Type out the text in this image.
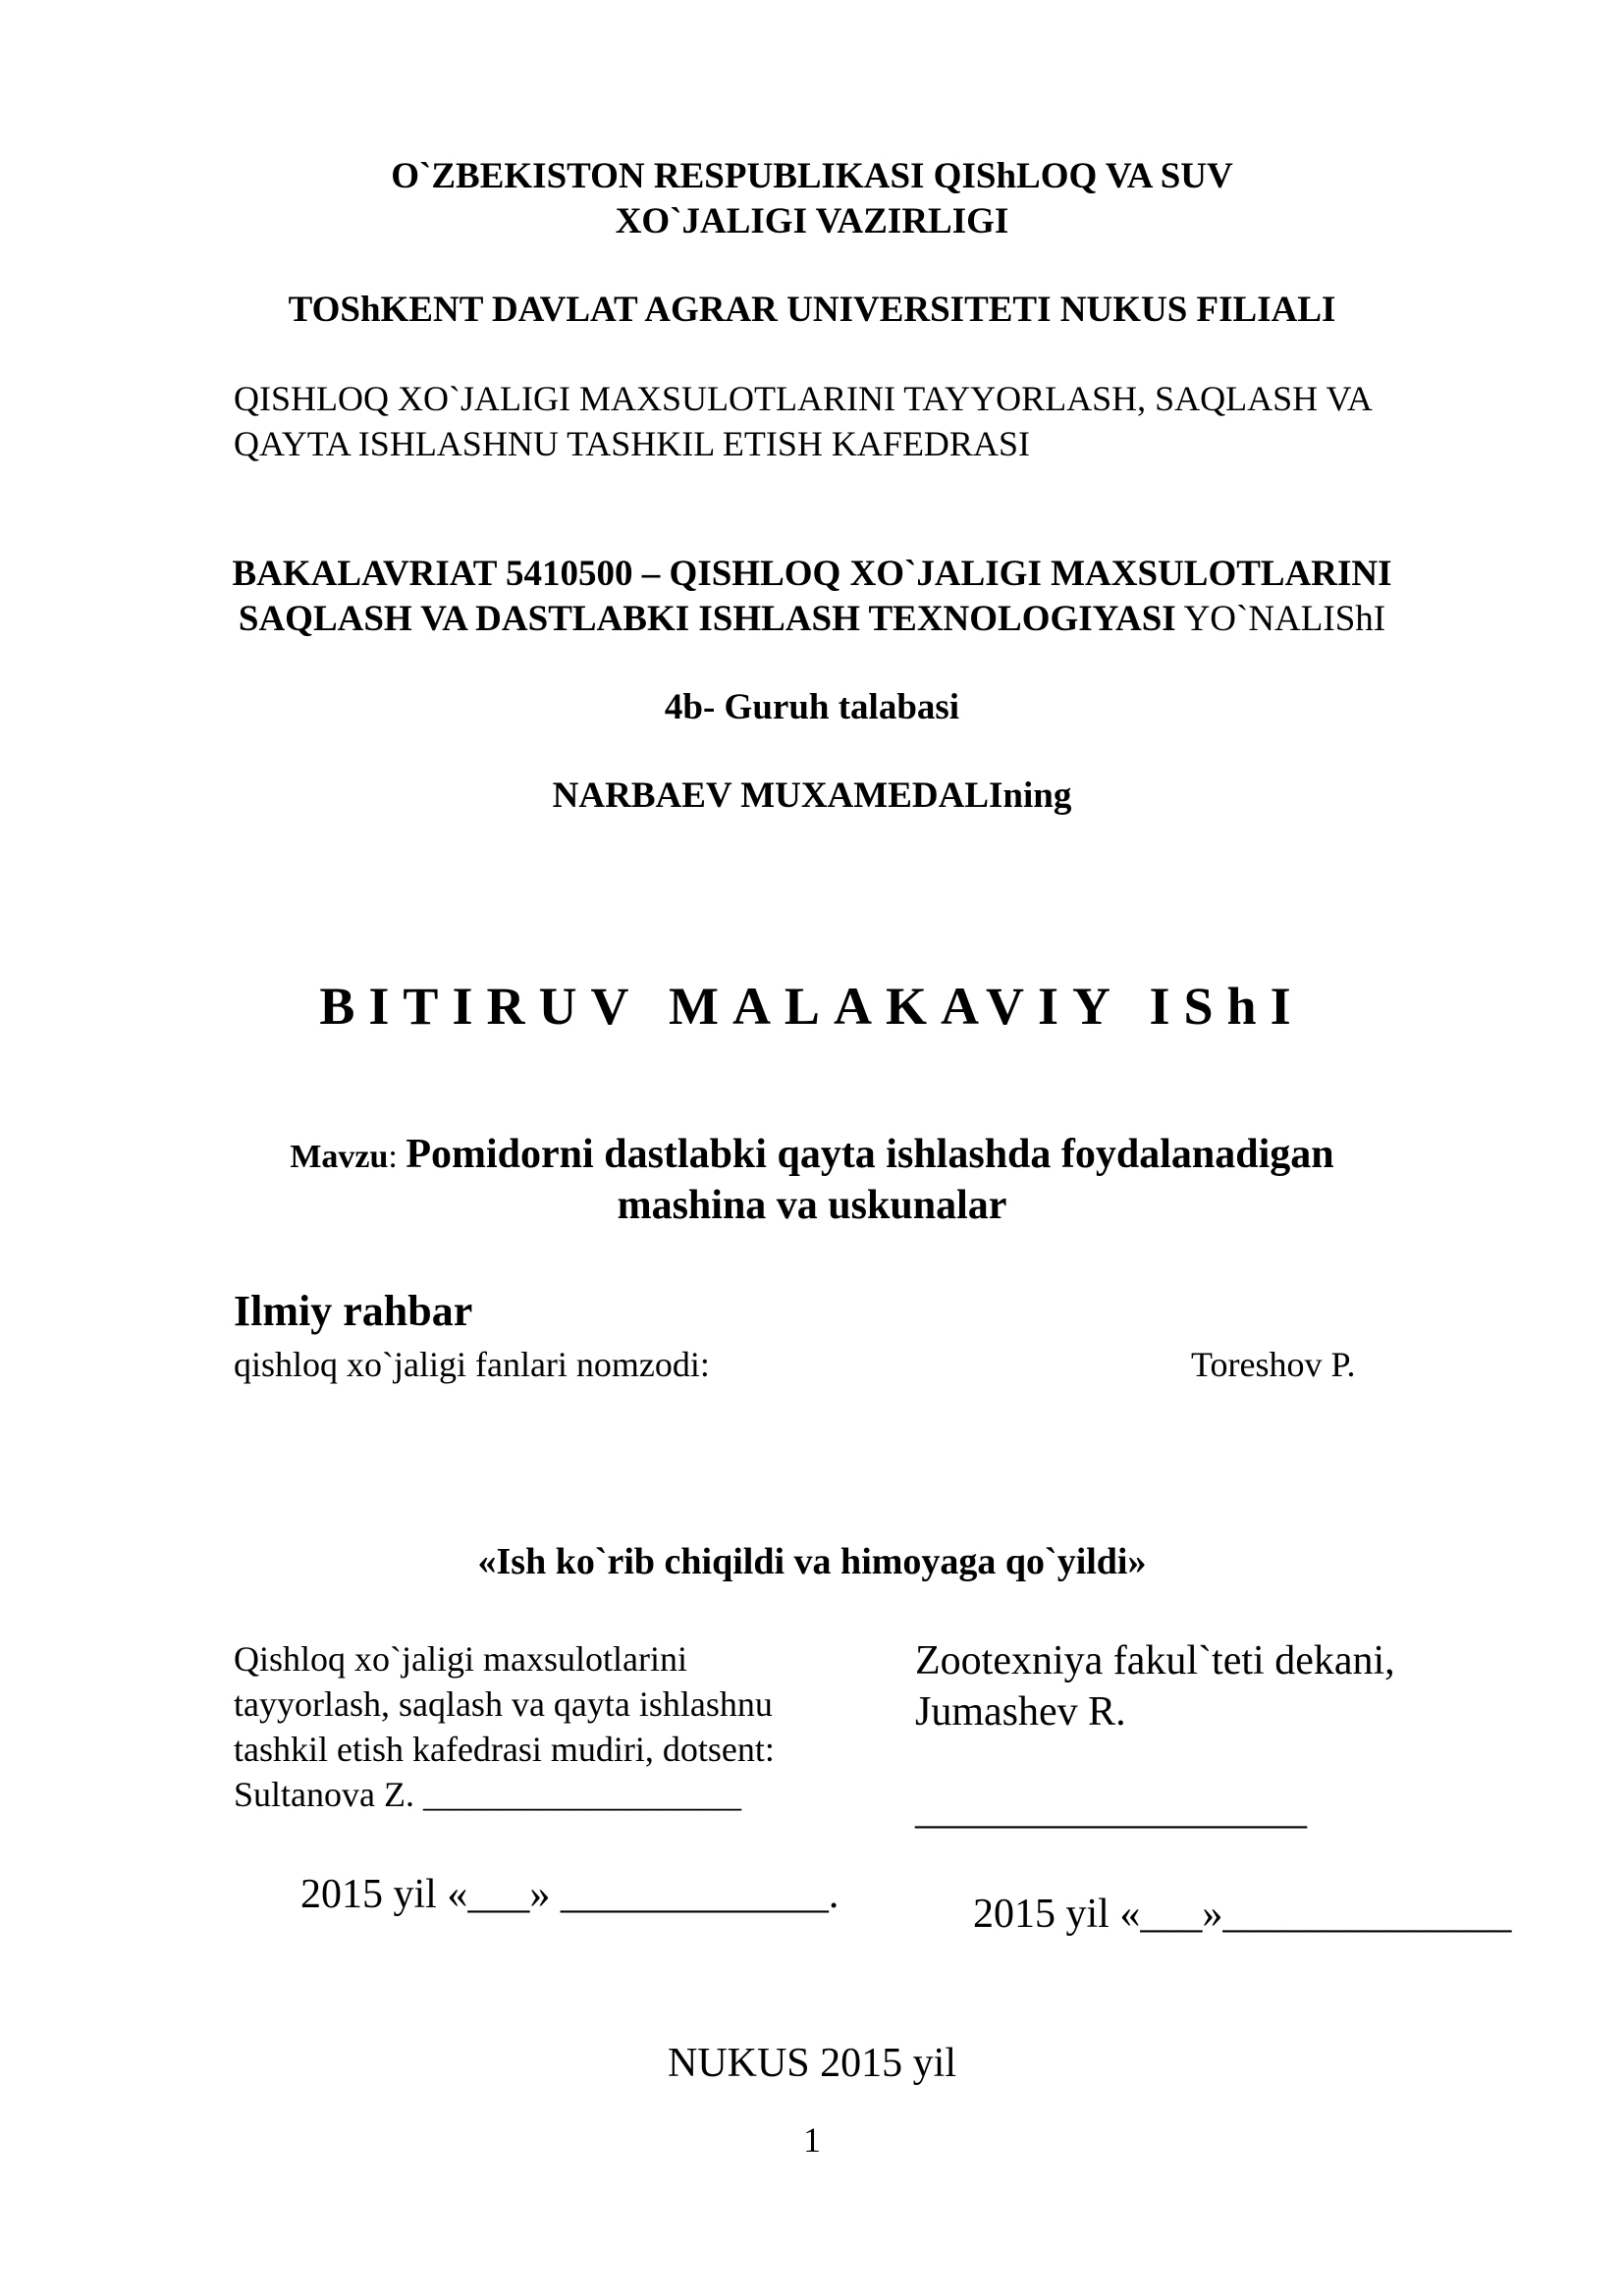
O`ZBEKISTON RESPUBLIKASI QIShLOQ VA SUV
XO`JALIGI VAZIRLIGI
TOShKENT DAVLAT AGRAR UNIVERSITETI NUKUS FILIALI
QISHLOQ XO`JALIGI MAXSULOTLARINI TAYYORLASH, SAQLASH VA
QAYTA ISHLASHNU TASHKIL ETISH KAFEDRASI
BAKALAVRIAT 5410500 – QISHLOQ XO`JALIGI MAXSULOTLARINI
SAQLASH VA DASTLABKI ISHLASH TEXNOLOGIYASI YO`NALIShI
4b- Guruh talabasi
NARBAEV MUXAMEDALIning
BITIRUV MALAKAVIY IShI
Mavzu: Pomidorni dastlabki qayta ishlashda foydalanadigan
mashina va uskunalar
Ilmiy rahbar
qishloq xo`jaligi fanlari nomzodi:	Toreshov P.
«Ish ko`rib chiqildi va himoyaga qo`yildi»
Qishloq xo`jaligi maxsulotlarini
tayyorlash, saqlash va qayta ishlashnu
tashkil etish kafedrasi mudiri, dotsent:
Sultanova Z. __________________
2015 yil «___» _____________.
Zootexniya fakul`teti dekani,
Jumashev R.
___________________
2015 yil «___»______________
NUKUS 2015 yil
1
